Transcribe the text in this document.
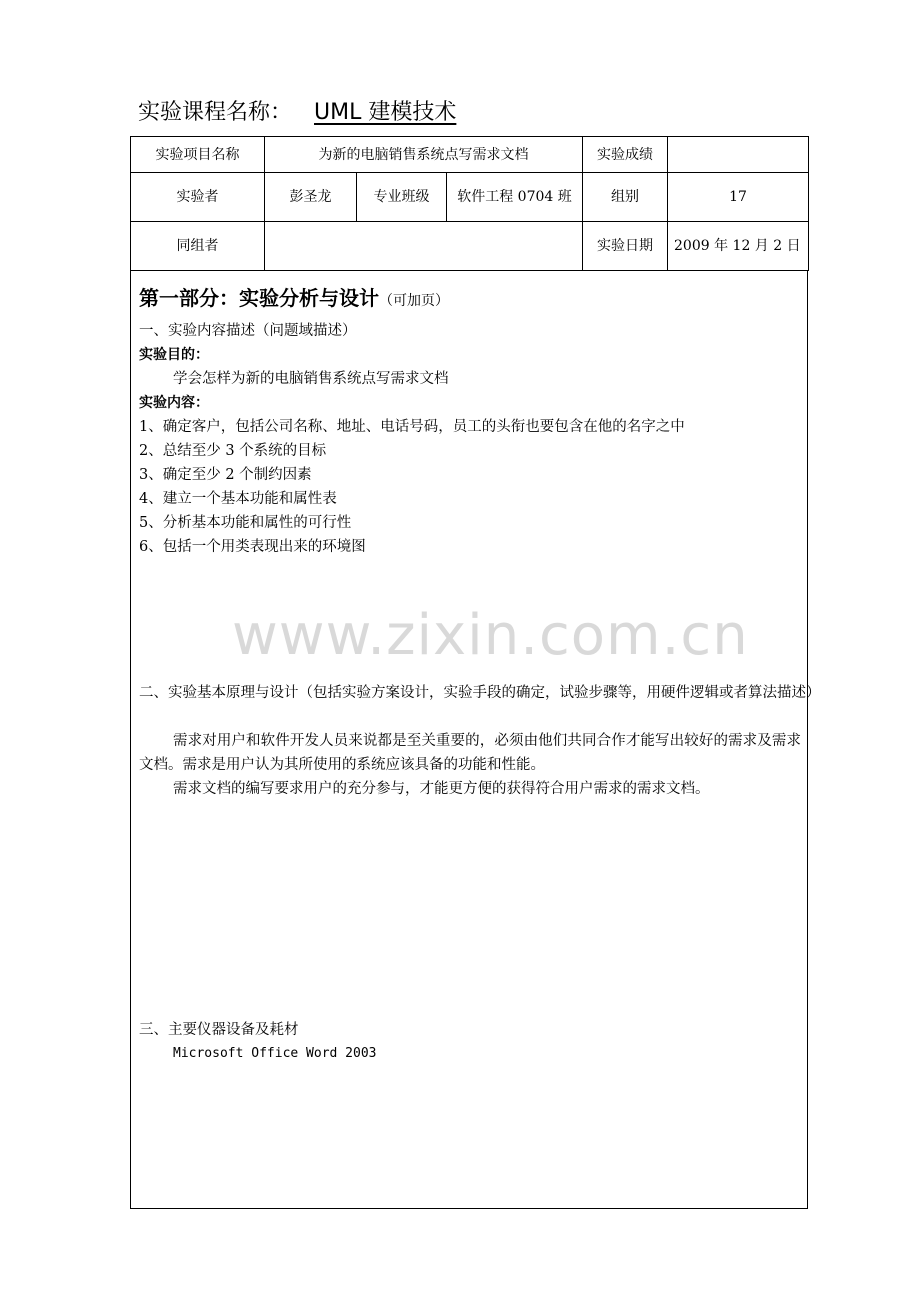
实验课程名称： UML 建模技术
实验项目名称	为新的电脑销售系统点写需求文档			实验成绩	
实验者	彭圣龙	专业班级	软件工程 0704 班	组别	17
同组者				实验日期	2009 年 12 月 2 日
第一部分：实验分析与设计（可加页）
一、实验内容描述（问题域描述）
实验目的：
学会怎样为新的电脑销售系统点写需求文档
实验内容：
1、确定客户，包括公司名称、地址、电话号码，员工的头衔也要包含在他的名字之中
2、总结至少 3 个系统的目标
3、确定至少 2 个制约因素
4、建立一个基本功能和属性表
5、分析基本功能和属性的可行性
6、包括一个用类表现出来的环境图
二、实验基本原理与设计（包括实验方案设计，实验手段的确定，试验步骤等，用硬件逻辑或者算法描述）
需求对用户和软件开发人员来说都是至关重要的，必须由他们共同合作才能写出较好的需求及需求文档。需求是用户认为其所使用的系统应该具备的功能和性能。
需求文档的编写要求用户的充分参与，才能更方便的获得符合用户需求的需求文档。
三、主要仪器设备及耗材
Microsoft Office Word 2003
www.zixin.com.cn
